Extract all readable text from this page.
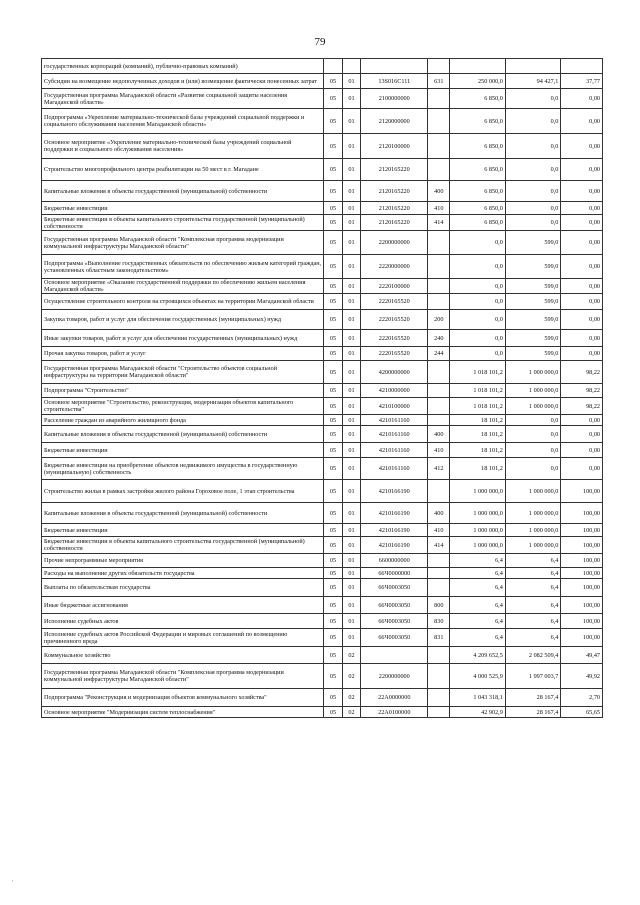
79
государственных корпораций (компаний), публично-правовых компаний)							
Субсидии на возмещение недополученных доходов и (или) возмещение фактически понесенных затрат	05	01	13S016C111	631	250 000,0	94 427,1	37,77
Государственная программа Магаданской области «Развитие социальной защиты населения Магаданской области»	05	01	2100000000		6 850,0	0,0	0,00
Подпрограмма «Укрепление материально-технической базы учреждений социальной поддержки и социального обслуживания населения Магаданской области»	05	01	2120000000		6 850,0	0,0	0,00
Основное мероприятие «Укрепление материально-технической базы учреждений социальной поддержки и социального обслуживания населения»	05	01	2120100000		6 850,0	0,0	0,00
Строительство многопрофильного центра реабилитации на 50 мест в г. Магадане	05	01	2120165220		6 850,0	0,0	0,00
Капитальные вложения в объекты государственной (муниципальной) собственности	05	01	2120165220	400	6 850,0	0,0	0,00
Бюджетные инвестиции	05	01	2120165220	410	6 850,0	0,0	0,00
Бюджетные инвестиции в объекты капитального строительства государственной (муниципальной) собственности	05	01	2120165220	414	6 850,0	0,0	0,00
Государственная программа Магаданской области "Комплексная программа модернизации коммунальной инфраструктуры Магаданской области"	05	01	2200000000		0,0	599,0	0,00
Подпрограмма «Выполнение государственных обязательств по обеспечению жильем категорий граждан, установленных областным законодательством»	05	01	2220000000		0,0	599,0	0,00
Основное мероприятие «Оказание государственной поддержки по обеспечению жильем населения Магаданской области»	05	01	2220100000		0,0	599,0	0,00
Осуществление строительного контроля на строящихся объектах на территории Магаданской области	05	01	2220165520		0,0	599,0	0,00
Закупка товаров, работ и услуг для обеспечения государственных (муниципальных) нужд	05	01	2220165520	200	0,0	599,0	0,00
Иные закупки товаров, работ и услуг для обеспечения государственных (муниципальных) нужд	05	01	2220165520	240	0,0	599,0	0,00
Прочая закупка товаров, работ и услуг	05	01	2220165520	244	0,0	599,0	0,00
Государственная программа Магаданской области "Строительство объектов социальной инфраструктуры на территории Магаданской области"	05	01	4200000000		1 018 101,2	1 000 000,0	98,22
Подпрограмма "Строительство"	05	01	4210000000		1 018 101,2	1 000 000,0	98,22
Основное мероприятие "Строительство, реконструкция, модернизация объектов капитального строительства"	05	01	4210100000		1 018 101,2	1 000 000,0	98,22
Расселение граждан из аварийного жилищного фонда	05	01	4210161160		18 101,2	0,0	0,00
Капитальные вложения в объекты государственной (муниципальной) собственности	05	01	4210161160	400	18 101,2	0,0	0,00
Бюджетные инвестиции	05	01	4210161160	410	18 101,2	0,0	0,00
Бюджетные инвестиции на приобретение объектов недвижимого имущества в государственную (муниципальную) собственность	05	01	4210161160	412	18 101,2	0,0	0,00
Строительство жилья в рамках застройки жилого района Гороховое поле, 1 этап строительства	05	01	4210166190		1 000 000,0	1 000 000,0	100,00
Капитальные вложения в объекты государственной (муниципальной) собственности	05	01	4210166190	400	1 000 000,0	1 000 000,0	100,00
Бюджетные инвестиции	05	01	4210166190	410	1 000 000,0	1 000 000,0	100,00
Бюджетные инвестиции в объекты капитального строительства государственной (муниципальной) собственности	05	01	4210166190	414	1 000 000,0	1 000 000,0	100,00
Прочие непрограммные мероприятия	05	01	6600000000		6,4	6,4	100,00
Расходы на выполнение других обязательств государства	05	01	66Ч0000000		6,4	6,4	100,00
Выплаты по обязательствам государства	05	01	66Ч0003050		6,4	6,4	100,00
Иные бюджетные ассигнования	05	01	66Ч0003050	800	6,4	6,4	100,00
Исполнение судебных актов	05	01	66Ч0003050	830	6,4	6,4	100,00
Исполнение судебных актов Российской Федерации и мировых соглашений по возмещению причиненного вреда	05	01	66Ч0003050	831	6,4	6,4	100,00
Коммунальное хозяйство	05	02			4 209 652,5	2 082 509,4	49,47
Государственная программа Магаданской области "Комплексная программа модернизации коммунальной инфраструктуры Магаданской области"	05	02	2200000000		4 000 525,9	1 997 003,7	49,92
Подпрограмма "Реконструкция и модернизация объектов коммунального хозяйства"	05	02	22A0000000		1 043 318,1	28 167,4	2,70
Основное мероприятие "Модернизация систем теплоснабжения"	05	02	22A0100000		42 902,9	28 167,4	65,65
'
